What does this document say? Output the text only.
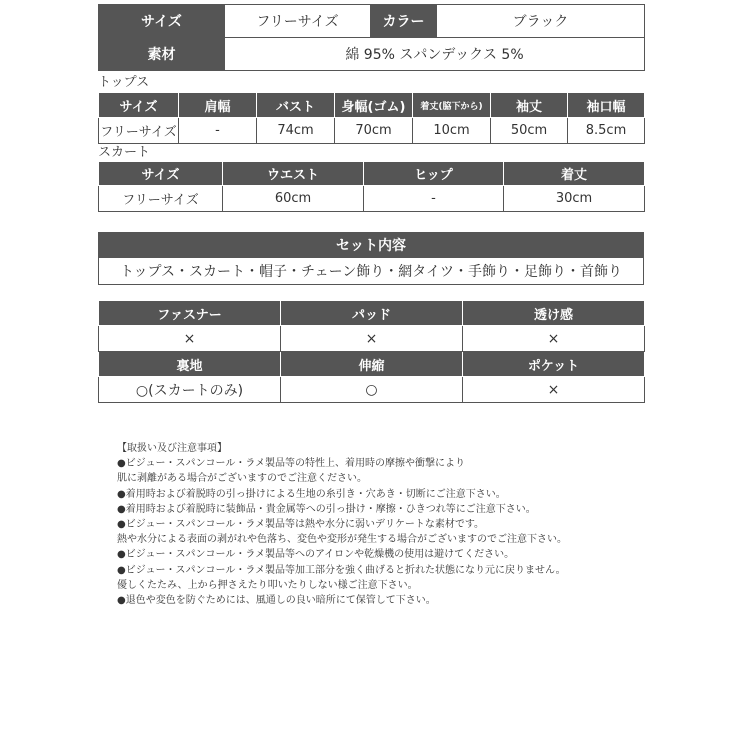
サイズ	フリーサイズ	カラー	ブラック
素材	綿 95% スパンデックス 5%		

トップス

サイズ	肩幅	バスト	身幅(ゴム)	着丈(脇下から)	袖丈	袖口幅
フリーサイズ	-	74cm	70cm	10cm	50cm	8.5cm

スカート

サイズ	ウエスト	ヒップ	着丈
フリーサイズ	60cm	-	30cm
セット内容
トップス・スカート・帽子・チェーン飾り・網タイツ・手飾り・足飾り・首飾り
ファスナー	パッド	透け感
×	×	×
裏地	伸縮	ポケット
○(スカートのみ)	○	×
【取扱い及び注意事項】
●ビジュー・スパンコール・ラメ製品等の特性上、着用時の摩擦や衝撃により
肌に剥離がある場合がございますのでご注意ください。
●着用時および着脱時の引っ掛けによる生地の糸引き・穴あき・切断にご注意下さい。
●着用時および着脱時に装飾品・貴金属等への引っ掛け・摩擦・ひきつれ等にご注意下さい。
●ビジュー・スパンコール・ラメ製品等は熱や水分に弱いデリケートな素材です。
熱や水分による表面の剥がれや色落ち、変色や変形が発生する場合がございますのでご注意下さい。
●ビジュー・スパンコール・ラメ製品等へのアイロンや乾燥機の使用は避けてください。
●ビジュー・スパンコール・ラメ製品等加工部分を強く曲げると折れた状態になり元に戻りません。
優しくたたみ、上から押さえたり叩いたりしない様ご注意下さい。
●退色や変色を防ぐためには、風通しの良い暗所にて保管して下さい。
